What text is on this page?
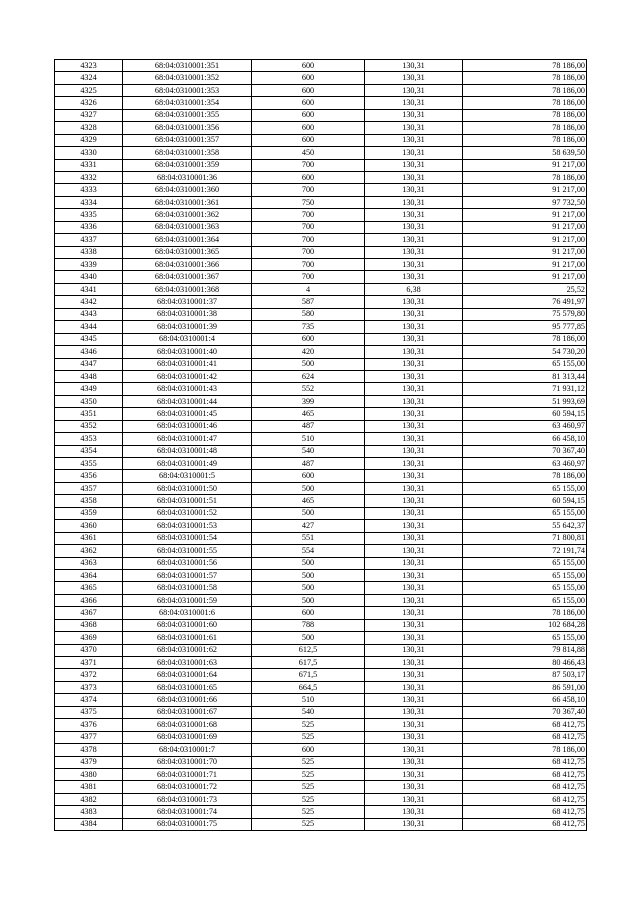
4323	68:04:0310001:351	600	130,31	78 186,00
4324	68:04:0310001:352	600	130,31	78 186,00
4325	68:04:0310001:353	600	130,31	78 186,00
4326	68:04:0310001:354	600	130,31	78 186,00
4327	68:04:0310001:355	600	130,31	78 186,00
4328	68:04:0310001:356	600	130,31	78 186,00
4329	68:04:0310001:357	600	130,31	78 186,00
4330	68:04:0310001:358	450	130,31	58 639,50
4331	68:04:0310001:359	700	130,31	91 217,00
4332	68:04:0310001:36	600	130,31	78 186,00
4333	68:04:0310001:360	700	130,31	91 217,00
4334	68:04:0310001:361	750	130,31	97 732,50
4335	68:04:0310001:362	700	130,31	91 217,00
4336	68:04:0310001:363	700	130,31	91 217,00
4337	68:04:0310001:364	700	130,31	91 217,00
4338	68:04:0310001:365	700	130,31	91 217,00
4339	68:04:0310001:366	700	130,31	91 217,00
4340	68:04:0310001:367	700	130,31	91 217,00
4341	68:04:0310001:368	4	6,38	25,52
4342	68:04:0310001:37	587	130,31	76 491,97
4343	68:04:0310001:38	580	130,31	75 579,80
4344	68:04:0310001:39	735	130,31	95 777,85
4345	68:04:0310001:4	600	130,31	78 186,00
4346	68:04:0310001:40	420	130,31	54 730,20
4347	68:04:0310001:41	500	130,31	65 155,00
4348	68:04:0310001:42	624	130,31	81 313,44
4349	68:04:0310001:43	552	130,31	71 931,12
4350	68:04:0310001:44	399	130,31	51 993,69
4351	68:04:0310001:45	465	130,31	60 594,15
4352	68:04:0310001:46	487	130,31	63 460,97
4353	68:04:0310001:47	510	130,31	66 458,10
4354	68:04:0310001:48	540	130,31	70 367,40
4355	68:04:0310001:49	487	130,31	63 460,97
4356	68:04:0310001:5	600	130,31	78 186,00
4357	68:04:0310001:50	500	130,31	65 155,00
4358	68:04:0310001:51	465	130,31	60 594,15
4359	68:04:0310001:52	500	130,31	65 155,00
4360	68:04:0310001:53	427	130,31	55 642,37
4361	68:04:0310001:54	551	130,31	71 800,81
4362	68:04:0310001:55	554	130,31	72 191,74
4363	68:04:0310001:56	500	130,31	65 155,00
4364	68:04:0310001:57	500	130,31	65 155,00
4365	68:04:0310001:58	500	130,31	65 155,00
4366	68:04:0310001:59	500	130,31	65 155,00
4367	68:04:0310001:6	600	130,31	78 186,00
4368	68:04:0310001:60	788	130,31	102 684,28
4369	68:04:0310001:61	500	130,31	65 155,00
4370	68:04:0310001:62	612,5	130,31	79 814,88
4371	68:04:0310001:63	617,5	130,31	80 466,43
4372	68:04:0310001:64	671,5	130,31	87 503,17
4373	68:04:0310001:65	664,5	130,31	86 591,00
4374	68:04:0310001:66	510	130,31	66 458,10
4375	68:04:0310001:67	540	130,31	70 367,40
4376	68:04:0310001:68	525	130,31	68 412,75
4377	68:04:0310001:69	525	130,31	68 412,75
4378	68:04:0310001:7	600	130,31	78 186,00
4379	68:04:0310001:70	525	130,31	68 412,75
4380	68:04:0310001:71	525	130,31	68 412,75
4381	68:04:0310001:72	525	130,31	68 412,75
4382	68:04:0310001:73	525	130,31	68 412,75
4383	68:04:0310001:74	525	130,31	68 412,75
4384	68:04:0310001:75	525	130,31	68 412,75
